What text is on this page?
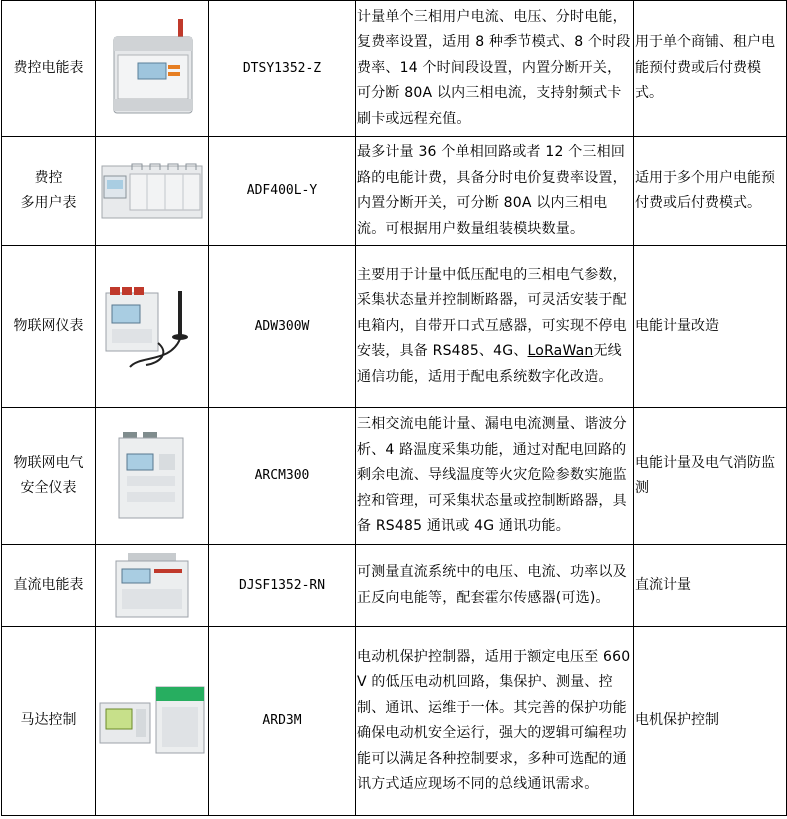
费控电能表		DTSY1352-Z	计量单个三相用户电流、电压、分时电能，复费率设置，适用 8 种季节模式、8 个时段费率、14 个时间段设置，内置分断开关，可分断 80A 以内三相电流，支持射频式卡刷卡或远程充值。	用于单个商铺、租户电能预付费或后付费模式。

费控
多用户表		ADF400L-Y	最多计量 36 个单相回路或者 12 个三相回路的电能计费，具备分时电价复费率设置，内置分断开关，可分断 80A 以内三相电流。可根据用户数量组装模块数量。	适用于多个用户电能预付费或后付费模式。

物联网仪表		ADW300W	主要用于计量中低压配电的三相电气参数，采集状态量并控制断路器，可灵活安装于配电箱内，自带开口式互感器，可实现不停电安装，具备 RS485、4G、LoRaWan无线通信功能，适用于配电系统数字化改造。	电能计量改造

物联网电气
安全仪表		ARCM300	三相交流电能计量、漏电电流测量、谐波分析、4 路温度采集功能，通过对配电回路的剩余电流、导线温度等火灾危险参数实施监控和管理，可采集状态量或控制断路器，具备 RS485 通讯或 4G 通讯功能。	电能计量及电气消防监测

直流电能表		DJSF1352-RN	可测量直流系统中的电压、电流、功率以及正反向电能等，配套霍尔传感器(可选)。	直流计量

马达控制		ARD3M	电动机保护控制器，适用于额定电压至 660V 的低压电动机回路，集保护、测量、控制、通讯、运维于一体。其完善的保护功能确保电动机安全运行，强大的逻辑可编程功能可以满足各种控制要求，多种可选配的通讯方式适应现场不同的总线通讯需求。	电机保护控制
